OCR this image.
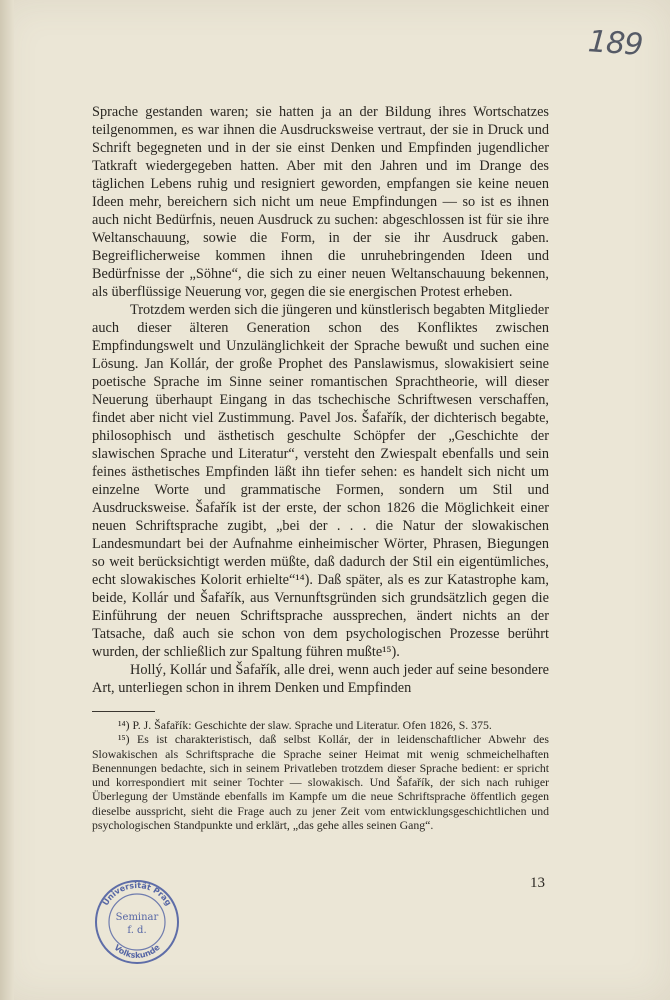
189

Sprache gestanden waren; sie hatten ja an der Bildung ihres Wortschatzes teilgenommen, es war ihnen die Ausdrucksweise vertraut, der sie in Druck und Schrift begegneten und in der sie einst Denken und Empfinden jugendlicher Tatkraft wiedergegeben hatten. Aber mit den Jahren und im Drange des täglichen Lebens ruhig und resigniert geworden, empfangen sie keine neuen Ideen mehr, bereichern sich nicht um neue Empfindungen — so ist es ihnen auch nicht Bedürfnis, neuen Ausdruck zu suchen: abgeschlossen ist für sie ihre Weltanschauung, sowie die Form, in der sie ihr Ausdruck gaben. Begreiflicherweise kommen ihnen die unruhebringenden Ideen und Bedürfnisse der „Söhne“, die sich zu einer neuen Weltanschauung bekennen, als überflüssige Neuerung vor, gegen die sie energischen Protest erheben.

Trotzdem werden sich die jüngeren und künstlerisch begabten Mitglieder auch dieser älteren Generation schon des Konfliktes zwischen Empfindungswelt und Unzulänglichkeit der Sprache bewußt und suchen eine Lösung. Jan Kollár, der große Prophet des Panslawismus, slowakisiert seine poetische Sprache im Sinne seiner romantischen Sprachtheorie, will dieser Neuerung überhaupt Eingang in das tschechische Schriftwesen verschaffen, findet aber nicht viel Zustimmung. Pavel Jos. Šafařík, der dichterisch begabte, philosophisch und ästhetisch geschulte Schöpfer der „Geschichte der slawischen Sprache und Literatur“, versteht den Zwiespalt ebenfalls und sein feines ästhetisches Empfinden läßt ihn tiefer sehen: es handelt sich nicht um einzelne Worte und grammatische Formen, sondern um Stil und Ausdrucksweise. Šafařík ist der erste, der schon 1826 die Möglichkeit einer neuen Schriftsprache zugibt, „bei der . . . die Natur der slowakischen Landesmundart bei der Aufnahme einheimischer Wörter, Phrasen, Biegungen so weit berücksichtigt werden müßte, daß dadurch der Stil ein eigentümliches, echt slowakisches Kolorit erhielte“¹⁴). Daß später, als es zur Katastrophe kam, beide, Kollár und Šafařík, aus Vernunftsgründen sich grundsätzlich gegen die Einführung der neuen Schriftsprache aussprechen, ändert nichts an der Tatsache, daß auch sie schon von dem psychologischen Prozesse berührt wurden, der schließlich zur Spaltung führen mußte¹⁵).

Hollý, Kollár und Šafařík, alle drei, wenn auch jeder auf seine besondere Art, unterliegen schon in ihrem Denken und Empfinden

¹⁴) P. J. Šafařík: Geschichte der slaw. Sprache und Literatur. Ofen 1826, S. 375.

¹⁵) Es ist charakteristisch, daß selbst Kollár, der in leidenschaftlicher Abwehr des Slowakischen als Schriftsprache die Sprache seiner Heimat mit wenig schmeichelhaften Benennungen bedachte, sich in seinem Privatleben trotzdem dieser Sprache bedient: er spricht und korrespondiert mit seiner Tochter — slowakisch. Und Šafařík, der sich nach ruhiger Überlegung der Umstände ebenfalls im Kampfe um die neue Schriftsprache öffentlich gegen dieselbe ausspricht, sieht die Frage auch zu jener Zeit vom entwicklungsgeschichtlichen und psychologischen Standpunkte und erklärt, „das gehe alles seinen Gang“.

13
Universität Prag
Volkskunde
Seminar
f. d.
